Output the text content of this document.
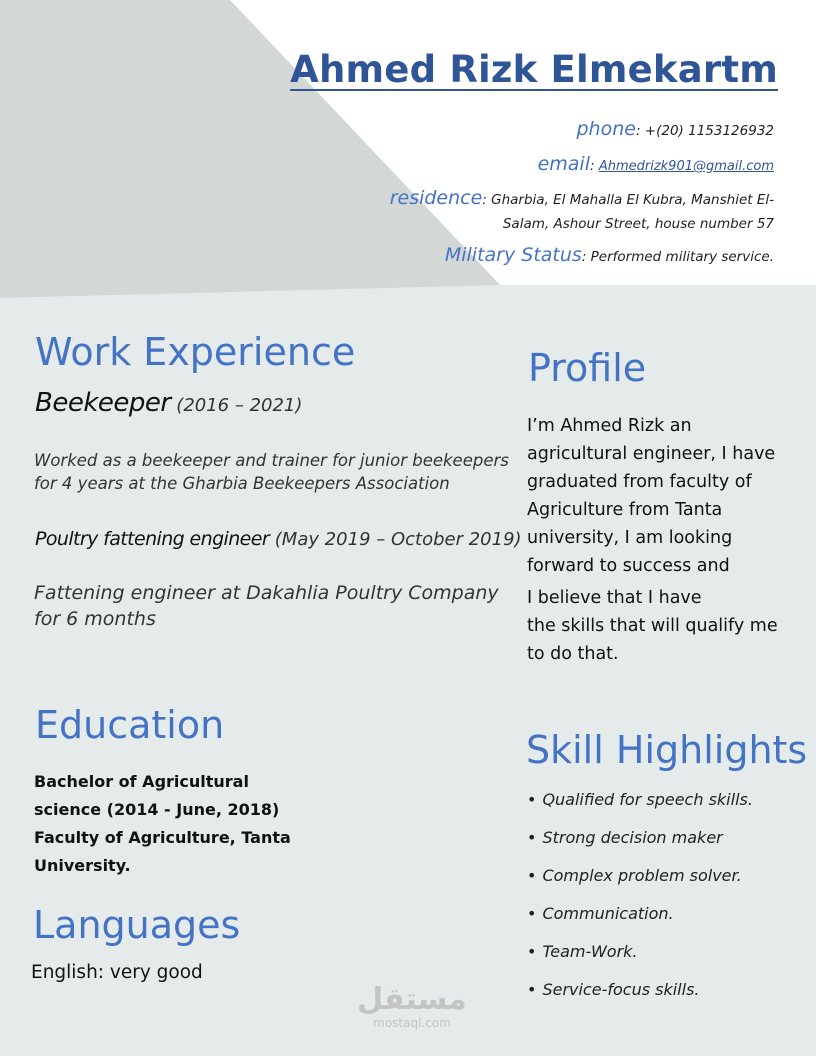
Ahmed Rizk Elmekartm
phone: +(20) 1153126932
email: Ahmedrizk901@gmail.com
residence: Gharbia, El Mahalla El Kubra, Manshiet El-
Salam, Ashour Street, house number 57
Military Status: Performed military service.
Work Experience
Beekeeper (2016 – 2021)
Worked as a beekeeper and trainer for junior beekeepers
for 4 years at the Gharbia Beekeepers Association
Poultry fattening engineer (May 2019 – October 2019)
Fattening engineer at Dakahlia Poultry Company
for 6 months
Profile
I’m Ahmed Rizk an
agricultural engineer, I have
graduated from faculty of
Agriculture from Tanta
university, I am looking
forward to success and
I believe that I have
the skills that will qualify me
to do that.
Education
Bachelor of Agricultural
science (2014 - June, 2018)
Faculty of Agriculture, Tanta
University.
Languages
English: very good
Skill Highlights
• Qualified for speech skills.
• Strong decision maker
• Complex problem solver.
• Communication.
• Team-Work.
• Service-focus skills.
مستقل
mostaql.com
